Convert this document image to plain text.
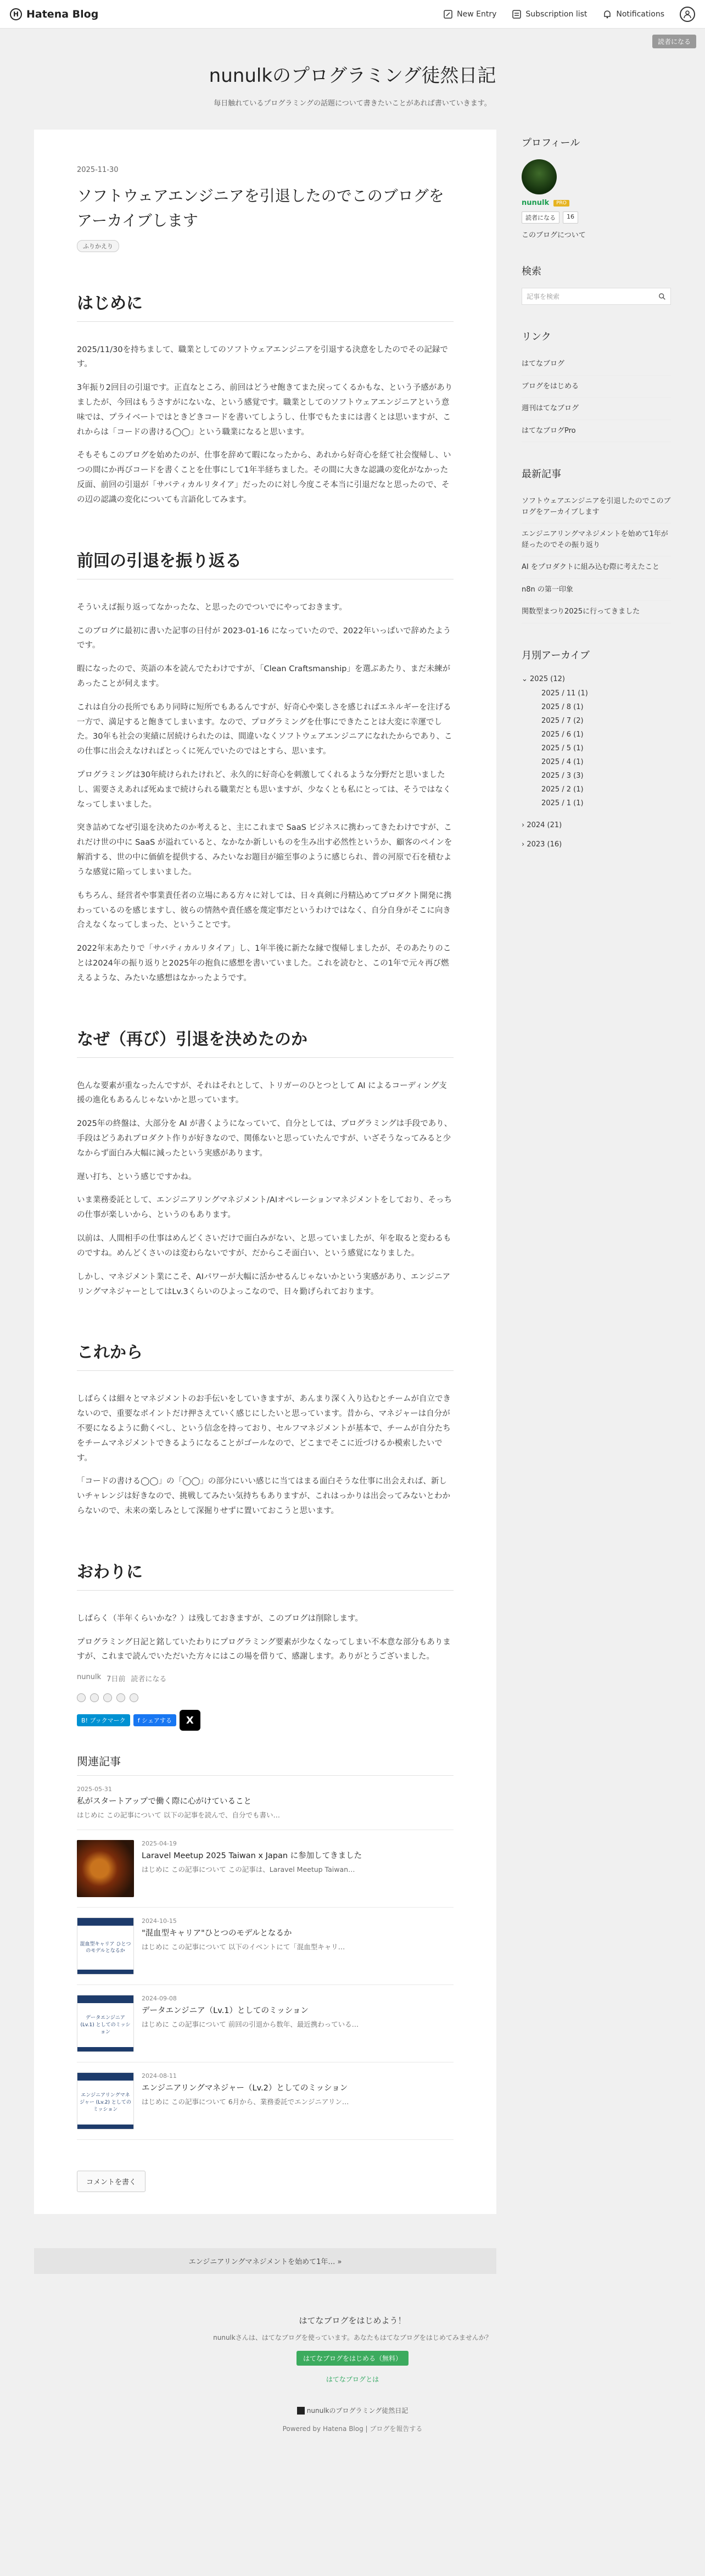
H Hatena Blog	New Entry	Subscription list	Notifications
読者になる
nunulkのプログラミング徒然日記
毎日触れているプログラミングの話題について書きたいことがあれば書いていきます。
2025-11-30
ソフトウェアエンジニアを引退したのでこのブログをアーカイブします
ふりかえり
はじめに

2025/11/30を持ちまして、職業としてのソフトウェアエンジニアを引退する決意をしたのでその記録です。

3年振り2回目の引退です。正直なところ、前回はどうせ飽きてまた戻ってくるかもな、という予感がありましたが、今回はもうさすがにないな、という感覚です。職業としてのソフトウェアエンジニアという意味では、プライベートではときどきコードを書いてしようし、仕事でもたまには書くとは思いますが、これからは「コードの書ける◯◯」という職業になると思います。

そもそもこのブログを始めたのが、仕事を辞めて暇になったから、あれから好奇心を経て社会復帰し、いつの間にか再びコードを書くことを仕事にして1年半経ちました。その間に大きな認識の変化がなかった反面、前回の引退が「サバティカルリタイア」だったのに対し今度こそ本当に引退だなと思ったので、その辺の認識の変化についても言語化してみます。

前回の引退を振り返る

そういえば振り返ってなかったな、と思ったのでついでにやっておきます。

このブログに最初に書いた記事の日付が 2023-01-16 になっていたので、2022年いっぱいで辞めたようです。

暇になったので、英語の本を読んでたわけですが、「Clean Craftsmanship」を選ぶあたり、まだ未練があったことが伺えます。

これは自分の長所でもあり同時に短所でもあるんですが、好奇心や楽しさを感じればエネルギーを注げる一方で、満足すると飽きてしまいます。なので、プログラミングを仕事にできたことは大変に幸運でした。30年も社会の実績に居続けられたのは、間違いなくソフトウェアエンジニアになれたからであり、この仕事に出会えなければとっくに死んでいたのではとすら、思います。

プログラミングは30年続けられたけれど、永久的に好奇心を刺激してくれるような分野だと思いましたし、需要さえあれば死ぬまで続けられる職業だとも思いますが、少なくとも私にとっては、そうではなくなってしまいました。

突き詰めてなぜ引退を決めたのか考えると、主にこれまで SaaS ビジネスに携わってきたわけですが、これだけ世の中に SaaS が溢れていると、なかなか新しいものを生み出す必然性というか、顧客のペインを解消する、世の中に価値を提供する、みたいなお題目が縮至事のように感じられ、普の河原で石を積むような感覚に陥ってしまいました。

もちろん、経営者や事業責任者の立場にある方々に対しては、日々真剣に丹精込めてプロダクト開発に携わっているのを感じますし、彼らの情熱や責任感を蔑定事だというわけではなく、自分自身がそこに向き合えなくなってしまった、ということです。

2022年末あたりで「サバティカルリタイア」し、1年半後に新たな縁で復帰しましたが、そのあたりのことは2024年の振り返りと2025年の抱負に感想を書いていました。これを読むと、この1年で元々再び燃えるような、みたいな感想はなかったようです。

なぜ（再び）引退を決めたのか

色んな要素が重なったんですが、それはそれとして、トリガーのひとつとして AI によるコーディング支援の進化もあるんじゃないかと思っています。

2025年の終盤は、大部分を AI が書くようになっていて、自分としては、プログラミングは手段であり、手段はどうあれプロダクト作りが好きなので、関係ないと思っていたんですが、いざそうなってみると少なからず面白み大幅に減ったという実感があります。

遅い打ち、という感じですかね。

いま業務委託として、エンジニアリングマネジメント/AIオペレーションマネジメントをしており、そっちの仕事が楽しいから、というのもあります。

以前は、人間相手の仕事はめんどくさいだけで面白みがない、と思っていましたが、年を取ると変わるものですね。めんどくさいのは変わらないですが、だからこそ面白い、という感覚になりました。

しかし、マネジメント業にこそ、AIパワーが大幅に活かせるんじゃないかという実感があり、エンジニアリングマネジャーとしてはLv.3くらいのひよっこなので、日々勤げられております。

これから

しばらくは細々とマネジメントのお手伝いをしていきますが、あんまり深く入り込むとチームが自立できないので、重要なポイントだけ押さえていく感じにしたいと思っています。昔から、マネジャーは自分が不要になるように動くべし、という信念を持っており、セルフマネジメントが基本で、チームが自分たちをチームマネジメントできるようになることがゴールなので、どこまでそこに近づけるか模索したいです。

「コードの書ける◯◯」の「◯◯」の部分にいい感じに当てはまる面白そうな仕事に出会えれば、新しいチャレンジは好きなので、挑戦してみたい気持ちもありますが、これはっかりは出会ってみないとわからないので、未来の楽しみとして深掘りせずに置いておこうと思います。

おわりに

しばらく（半年くらいかな？）は残しておきますが、このブログは削除します。

プログラミング日記と銘していたわりにプログラミング要素が少なくなってしまい不本意な部分もありますが、これまで読んでいただいた方々にはこの場を借りて、感謝します。ありがとうございました。

nunulk 7日前 読者になる
B! ブックマーク	f シェアする	X
関連記事
2025-05-31
私がスタートアップで働く際に心がけていること
はじめに この記事について 以下の記事を読んで、自分でも書い…
2025-04-19
Laravel Meetup 2025 Taiwan x Japan に参加してきました
はじめに この記事について この記事は、Laravel Meetup Taiwan…
混血型キャリア ひとつのモデルとなるか
2024-10-15
"混血型キャリア"ひとつのモデルとなるか
はじめに この記事について 以下のイベントにて「混血型キャリ…
データエンジニア (Lv.1) としてのミッション
2024-09-08
データエンジニア（Lv.1）としてのミッション
はじめに この記事について 前回の引退から数年、最近携わっている…
エンジニアリングマネジャー (Lv.2) としてのミッション
2024-08-11
エンジニアリングマネジャー（Lv.2）としてのミッション
はじめに この記事について 6月から、業務委託でエンジニアリン…
コメントを書く
エンジニアリングマネジメントを始めて1年… »
プロフィール
nunulk	PRO
読者になる	16
このブログについて
検索
記事を検索
リンク
はてなブログ
ブログをはじめる
週刊はてなブログ
はてなブログPro
最新記事
ソフトウェアエンジニアを引退したのでこのブログをアーカイブします
エンジニアリングマネジメントを始めて1年が経ったのでその振り返り
AI をプロダクトに組み込む際に考えたこと
n8n の第一印象
関数型まつり2025に行ってきました
月別アーカイブ
⌄ 2025 (12)
2025 / 11 (1)
2025 / 8 (1)
2025 / 7 (2)
2025 / 6 (1)
2025 / 5 (1)
2025 / 4 (1)
2025 / 3 (3)
2025 / 2 (1)
2025 / 1 (1)
› 2024 (21)
› 2023 (16)
はてなブログをはじめよう！
nunulkさんは、はてなブログを使っています。あなたもはてなブログをはじめてみませんか？
はてなブログをはじめる（無料）
はてなブログとは
nunulkのプログラミング徒然日記
Powered by Hatena Blog | ブログを報告する
